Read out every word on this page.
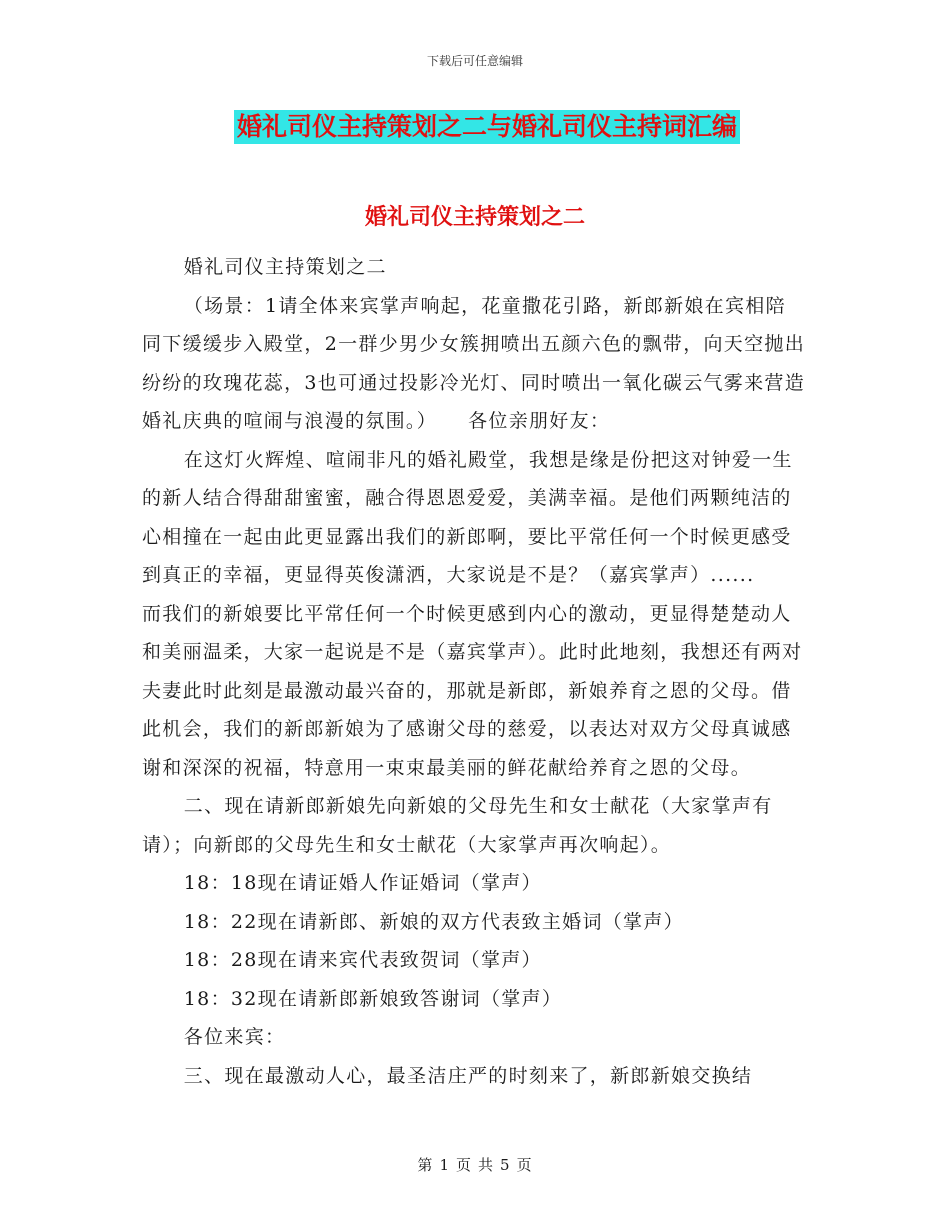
下载后可任意编辑
婚礼司仪主持策划之二与婚礼司仪主持词汇编
婚礼司仪主持策划之二

婚礼司仪主持策划之二

（场景：1请全体来宾掌声响起，花童撒花引路，新郎新娘在宾相陪同下缓缓步入殿堂，2一群少男少女簇拥喷出五颜六色的飘带，向天空抛出纷纷的玫瑰花蕊，3也可通过投影冷光灯、同时喷出一氧化碳云气雾来营造婚礼庆典的喧闹与浪漫的氛围。）　　各位亲朋好友：

在这灯火辉煌、喧闹非凡的婚礼殿堂，我想是缘是份把这对钟爱一生的新人结合得甜甜蜜蜜，融合得恩恩爱爱，美满幸福。是他们两颗纯洁的心相撞在一起由此更显露出我们的新郎啊，要比平常任何一个时候更感受到真正的幸福，更显得英俊潇洒，大家说是不是？（嘉宾掌声）......　　而我们的新娘要比平常任何一个时候更感到内心的激动，更显得楚楚动人和美丽温柔，大家一起说是不是（嘉宾掌声）。此时此地刻，我想还有两对夫妻此时此刻是最激动最兴奋的，那就是新郎，新娘养育之恩的父母。借此机会，我们的新郎新娘为了感谢父母的慈爱，以表达对双方父母真诚感谢和深深的祝福，特意用一束束最美丽的鲜花献给养育之恩的父母。

二、现在请新郎新娘先向新娘的父母先生和女士献花（大家掌声有请）；向新郎的父母先生和女士献花（大家掌声再次响起）。

18：18现在请证婚人作证婚词（掌声）

18：22现在请新郎、新娘的双方代表致主婚词（掌声）

18：28现在请来宾代表致贺词（掌声）

18：32现在请新郎新娘致答谢词（掌声）

各位来宾：

三、现在最激动人心，最圣洁庄严的时刻来了，新郎新娘交换结

第 1 页 共 5 页
